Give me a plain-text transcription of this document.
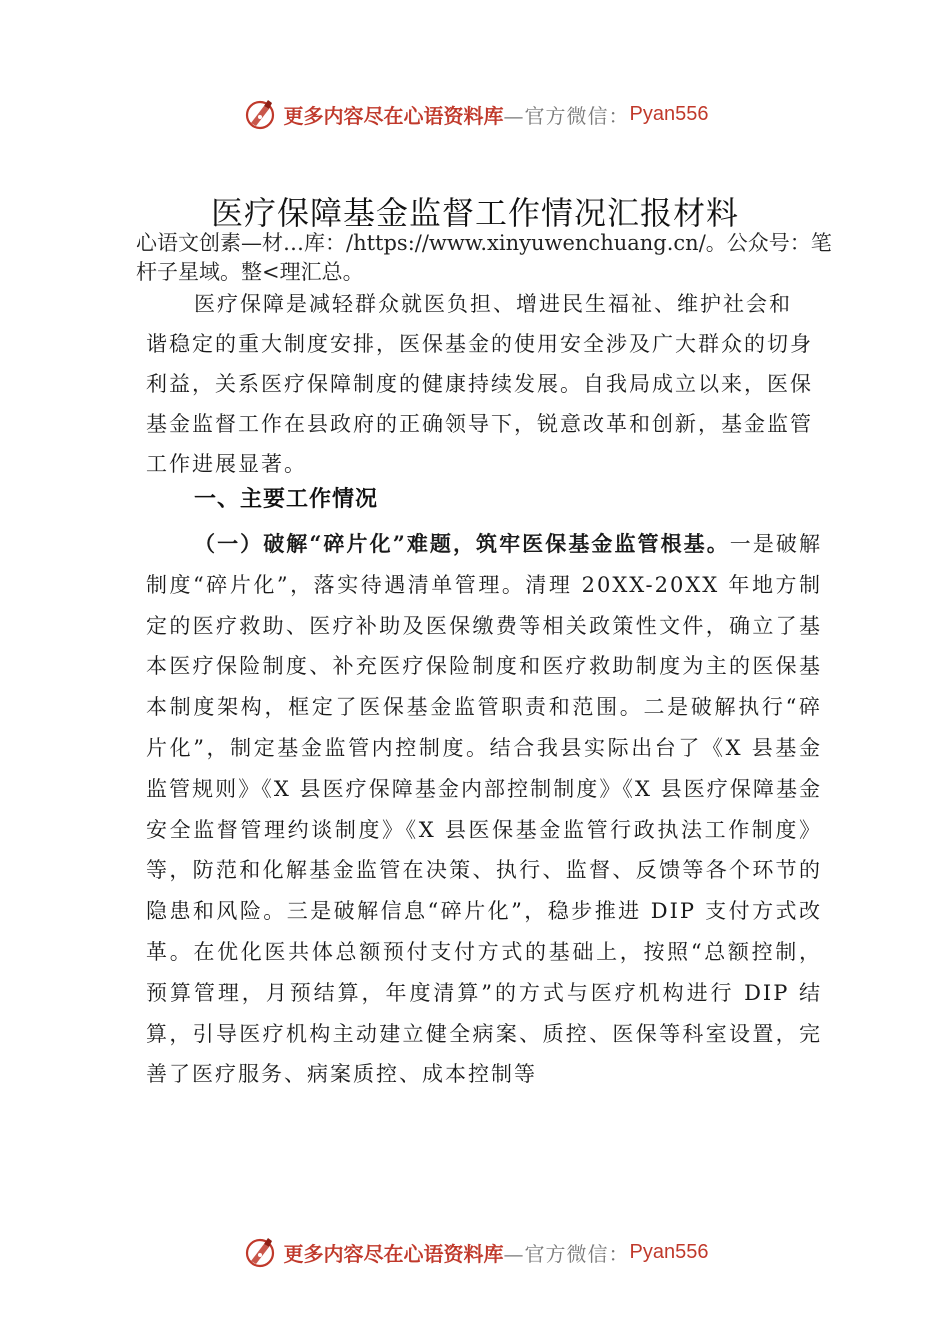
更多内容尽在心语资料库 —官方微信： Pyan556
医疗保障基金监督工作情况汇报材料
心语文创素—材…库：/https://www.xinyuwenchuang.cn/。公众号：笔杆子星域。整<理汇总。
医疗保障是减轻群众就医负担、增进民生福祉、维护社会和谐稳定的重大制度安排，医保基金的使用安全涉及广大群众的切身利益，关系医疗保障制度的健康持续发展。自我局成立以来，医保基金监督工作在县政府的正确领导下，锐意改革和创新，基金监管工作进展显著。
一、主要工作情况
（一）破解“碎片化”难题，筑牢医保基金监管根基。一是破解制度“碎片化”，落实待遇清单管理。清理 20XX-20XX 年地方制定的医疗救助、医疗补助及医保缴费等相关政策性文件，确立了基本医疗保险制度、补充医疗保险制度和医疗救助制度为主的医保基本制度架构，框定了医保基金监管职责和范围。二是破解执行“碎片化”，制定基金监管内控制度。结合我县实际出台了《X 县基金监管规则》《X 县医疗保障基金内部控制制度》《X 县医疗保障基金安全监督管理约谈制度》《X 县医保基金监管行政执法工作制度》等，防范和化解基金监管在决策、执行、监督、反馈等各个环节的隐患和风险。三是破解信息“碎片化”，稳步推进 DIP 支付方式改革。在优化医共体总额预付支付方式的基础上，按照“总额控制，预算管理，月预结算，年度清算”的方式与医疗机构进行 DIP 结算，引导医疗机构主动建立健全病案、质控、医保等科室设置，完善了医疗服务、病案质控、成本控制等
更多内容尽在心语资料库 —官方微信： Pyan556
